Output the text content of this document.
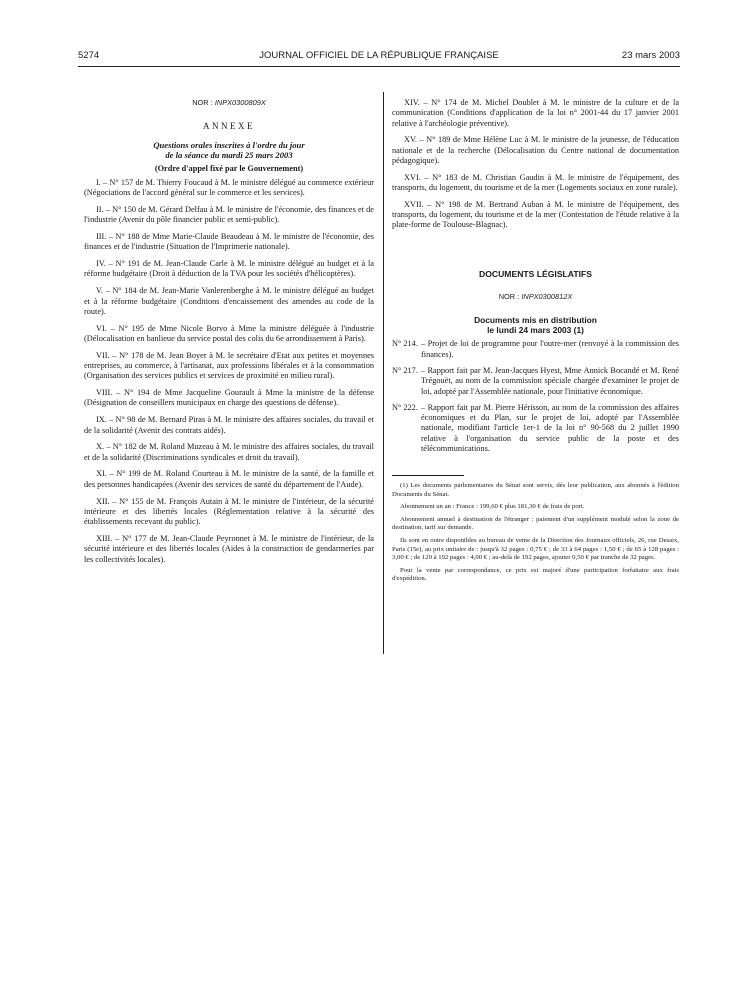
5274	JOURNAL OFFICIEL DE LA RÉPUBLIQUE FRANÇAISE	23 mars 2003
NOR : INPX0300809X
ANNEXE
Questions orales inscrites à l'ordre du jour
de la séance du mardi 25 mars 2003
(Ordre d'appel fixé par le Gouvernement)

I. – N° 157 de M. Thierry Foucaud à M. le ministre délégué au commerce extérieur (Négociations de l'accord général sur le commerce et les services).

II. – N° 150 de M. Gérard Delfau à M. le ministre de l'économie, des finances et de l'industrie (Avenir du pôle financier public et semi-public).

III. – N° 188 de Mme Marie-Claude Beaudeau à M. le ministre de l'économie, des finances et de l'industrie (Situation de l'Imprimerie nationale).

IV. – N° 191 de M. Jean-Claude Carle à M. le ministre délégué au budget et à la réforme budgétaire (Droit à déduction de la TVA pour les sociétés d'hélicoptères).

V. – N° 184 de M. Jean-Marie Vanlerenberghe à M. le ministre délégué au budget et à la réforme budgétaire (Conditions d'encaissement des amendes au code de la route).

VI. – N° 195 de Mme Nicole Borvo à Mme la ministre déléguée à l'industrie (Délocalisation en banlieue du service postal des colis du 6e arrondissement à Paris).

VII. – N° 178 de M. Jean Boyer à M. le secrétaire d'Etat aux petites et moyennes entreprises, au commerce, à l'artisanat, aux professions libérales et à la consommation (Organisation des services publics et services de proximité en milieu rural).

VIII. – N° 194 de Mme Jacqueline Gourault à Mme la ministre de la défense (Désignation de conseillers municipaux en charge des questions de défense).

IX. – N° 98 de M. Bernard Piras à M. le ministre des affaires sociales, du travail et de la solidarité (Avenir des contrats aidés).

X. – N° 182 de M. Roland Muzeau à M. le ministre des affaires sociales, du travail et de la solidarité (Discriminations syndicales et droit du travail).

XI. – N° 199 de M. Roland Courteau à M. le ministre de la santé, de la famille et des personnes handicapées (Avenir des services de santé du département de l'Aude).

XII. – N° 155 de M. François Autain à M. le ministre de l'intérieur, de la sécurité intérieure et des libertés locales (Réglementation relative à la sécurité des établissements recevant du public).

XIII. – N° 177 de M. Jean-Claude Peyronnet à M. le ministre de l'intérieur, de la sécurité intérieure et des libertés locales (Aides à la construction de gendarmeries par les collectivités locales).

XIV. – N° 174 de M. Michel Doublet à M. le ministre de la culture et de la communication (Conditions d'application de la loi n° 2001-44 du 17 janvier 2001 relative à l'archéologie préventive).

XV. – N° 189 de Mme Hélène Luc à M. le ministre de la jeunesse, de l'éducation nationale et de la recherche (Délocalisation du Centre national de documentation pédagogique).

XVI. – N° 183 de M. Christian Gaudin à M. le ministre de l'équipement, des transports, du logement, du tourisme et de la mer (Logements sociaux en zone rurale).

XVII. – N° 198 de M. Bertrand Auban à M. le ministre de l'équipement, des transports, du logement, du tourisme et de la mer (Contestation de l'étude relative à la plate-forme de Toulouse-Blagnac).

DOCUMENTS LÉGISLATIFS
NOR : INPX0300812X
Documents mis en distribution
le lundi 24 mars 2003 (1)
N° 214. – Projet de loi de programme pour l'outre-mer (renvoyé à la commission des finances).
N° 217. – Rapport fait par M. Jean-Jacques Hyest, Mme Annick Bocandé et M. René Trégouët, au nom de la commission spéciale chargée d'examiner le projet de loi, adopté par l'Assemblée nationale, pour l'initiative économique.
N° 222. – Rapport fait par M. Pierre Hérisson, au nom de la commission des affaires économiques et du Plan, sur le projet de loi, adopté par l'Assemblée nationale, modifiant l'article 1er-1 de la loi n° 90-568 du 2 juillet 1990 relative à l'organisation du service public de la poste et des télécommunications.

(1) Les documents parlementaires du Sénat sont servis, dès leur publication, aux abonnés à l'édition Documents du Sénat.

Abonnement un an : France : 199,60 € plus 181,30 € de frais de port.

Abonnement annuel à destination de l'étranger : paiement d'un supplément modulé selon la zone de destination, tarif sur demande.

Ils sont en outre disponibles au bureau de vente de la Direction des Journaux officiels, 26, rue Desaix, Paris (15e), au prix unitaire de : jusqu'à 32 pages : 0,75 € ; de 33 à 64 pages : 1,50 € ; de 65 à 128 pages : 3,00 € ; de 129 à 192 pages : 4,00 € ; au-delà de 192 pages, ajouter 0,50 € par tranche de 32 pages.

Pour la vente par correspondance, ce prix est majoré d'une participation forfaitaire aux frais d'expédition.
